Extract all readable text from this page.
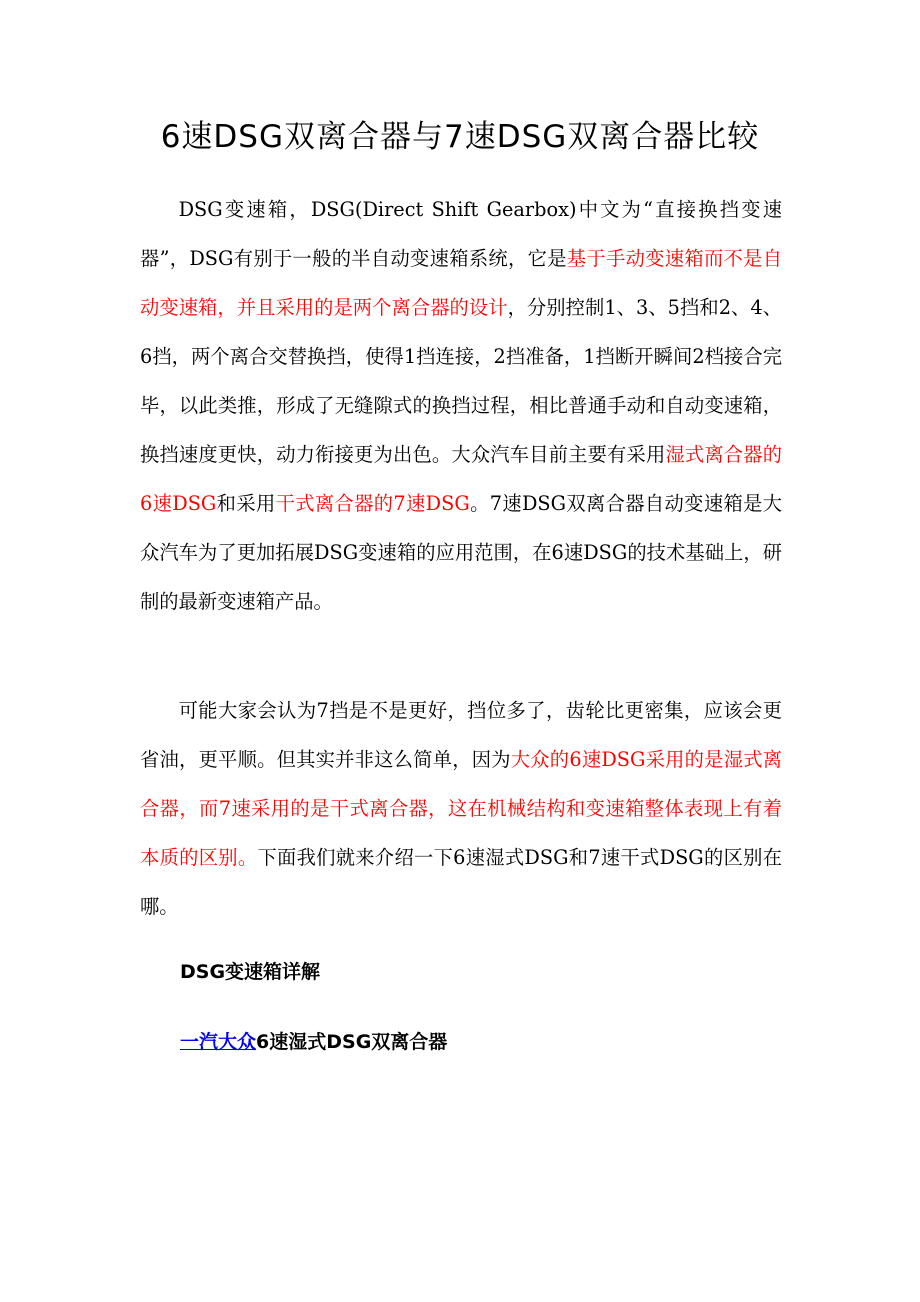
6速DSG双离合器与7速DSG双离合器比较

DSG变速箱，DSG(Direct Shift Gearbox)中文为“直接换挡变速器”，DSG有别于一般的半自动变速箱系统，它是基于手动变速箱而不是自动变速箱，并且采用的是两个离合器的设计，分别控制1、3、5挡和2、4、6挡，两个离合交替换挡，使得1挡连接，2挡准备，1挡断开瞬间2档接合完毕，以此类推，形成了无缝隙式的换挡过程，相比普通手动和自动变速箱，换挡速度更快，动力衔接更为出色。大众汽车目前主要有采用湿式离合器的6速DSG和采用干式离合器的7速DSG。7速DSG双离合器自动变速箱是大众汽车为了更加拓展DSG变速箱的应用范围，在6速DSG的技术基础上，研制的最新变速箱产品。

可能大家会认为7挡是不是更好，挡位多了，齿轮比更密集，应该会更省油，更平顺。但其实并非这么简单，因为大众的6速DSG采用的是湿式离合器，而7速采用的是干式离合器，这在机械结构和变速箱整体表现上有着本质的区别。下面我们就来介绍一下6速湿式DSG和7速干式DSG的区别在哪。

DSG变速箱详解
一汽大众6速湿式DSG双离合器
